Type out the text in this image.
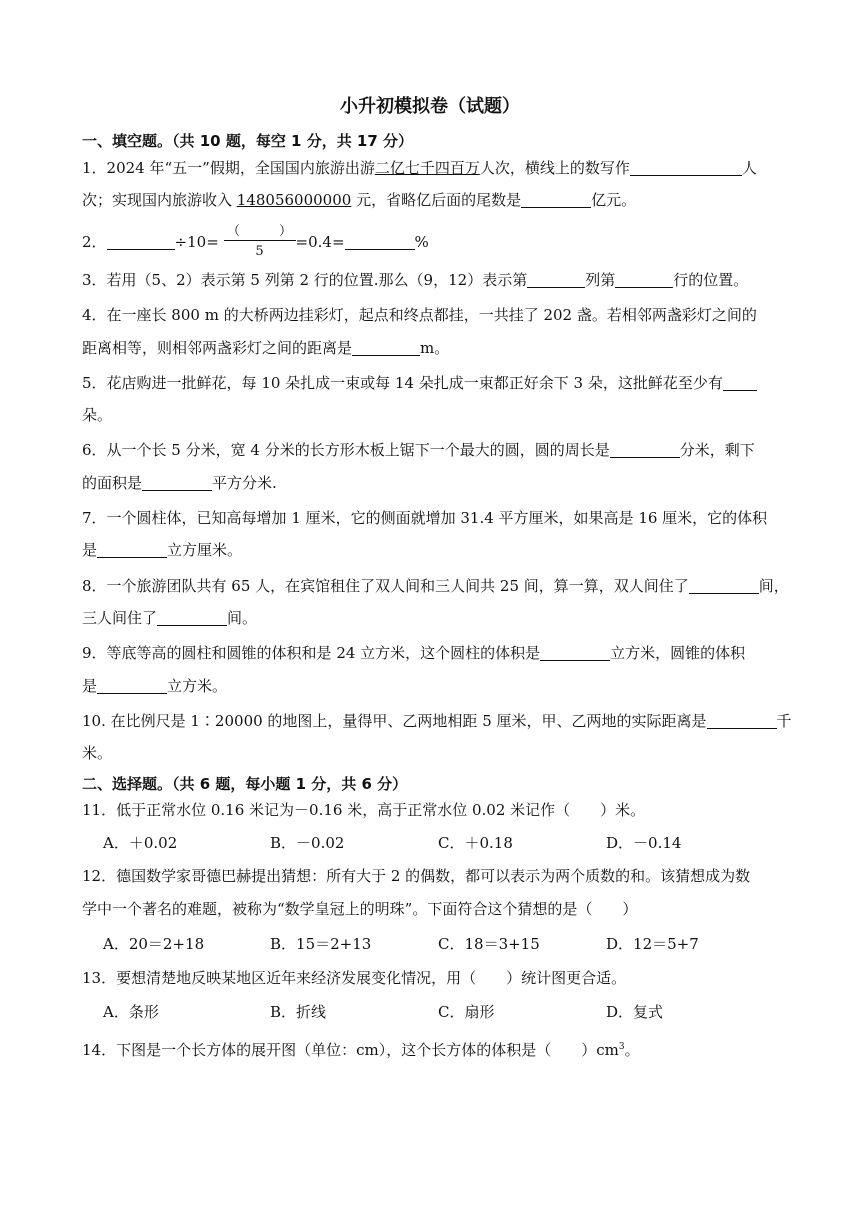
小升初模拟卷（试题）
一、填空题。（共 10 题，每空 1 分，共 17 分）
1．2024 年“五一”假期，全国国内旅游出游二亿七千四百万人次，横线上的数写作	人
次；实现国内旅游收入 148056000000 元，省略亿后面的尾数是	亿元。
2．	$\div 10= \frac{( )}{5} =0.4=$	%
3．若用（5、2）表示第 5 列第 2 行的位置.那么（9，12）表示第	列第	行的位置。
4．在一座长 800 m 的大桥两边挂彩灯，起点和终点都挂，一共挂了 202 盏。若相邻两盏彩灯之间的
距离相等，则相邻两盏彩灯之间的距离是	m。
5．花店购进一批鲜花，每 10 朵扎成一束或每 14 朵扎成一束都正好余下 3 朵，这批鲜花至少有
朵。
6．从一个长 5 分米，宽 4 分米的长方形木板上锯下一个最大的圆，圆的周长是	分米，剩下
的面积是	平方分米.
7．一个圆柱体，已知高每增加 1 厘米，它的侧面就增加 31.4 平方厘米，如果高是 16 厘米，它的体积
是	立方厘米。
8．一个旅游团队共有 65 人，在宾馆租住了双人间和三人间共 25 间，算一算，双人间住了	间，
三人间住了	间。
9．等底等高的圆柱和圆锥的体积和是 24 立方米，这个圆柱的体积是	立方米，圆锥的体积
是	立方米。
10. 在比例尺是 1∶20000 的地图上，量得甲、乙两地相距 5 厘米，甲、乙两地的实际距离是	千
米。
二、选择题。（共 6 题，每小题 1 分，共 6 分）
11．低于正常水位 0.16 米记为－0.16 米，高于正常水位 0.02 米记作（　　）米。
A．＋0.02	B．－0.02	C．＋0.18	D．－0.14
12．德国数学家哥德巴赫提出猜想：所有大于 2 的偶数，都可以表示为两个质数的和。该猜想成为数
学中一个著名的难题，被称为“数学皇冠上的明珠”。下面符合这个猜想的是（　　）
A．20＝2+18	B．15＝2+13	C．18＝3+15	D．12＝5+7
13．要想清楚地反映某地区近年来经济发展变化情况，用（　　）统计图更合适。
A．条形	B．折线	C．扇形	D．复式
14．下图是一个长方体的展开图（单位：cm），这个长方体的体积是（　　）$cm^3$。
